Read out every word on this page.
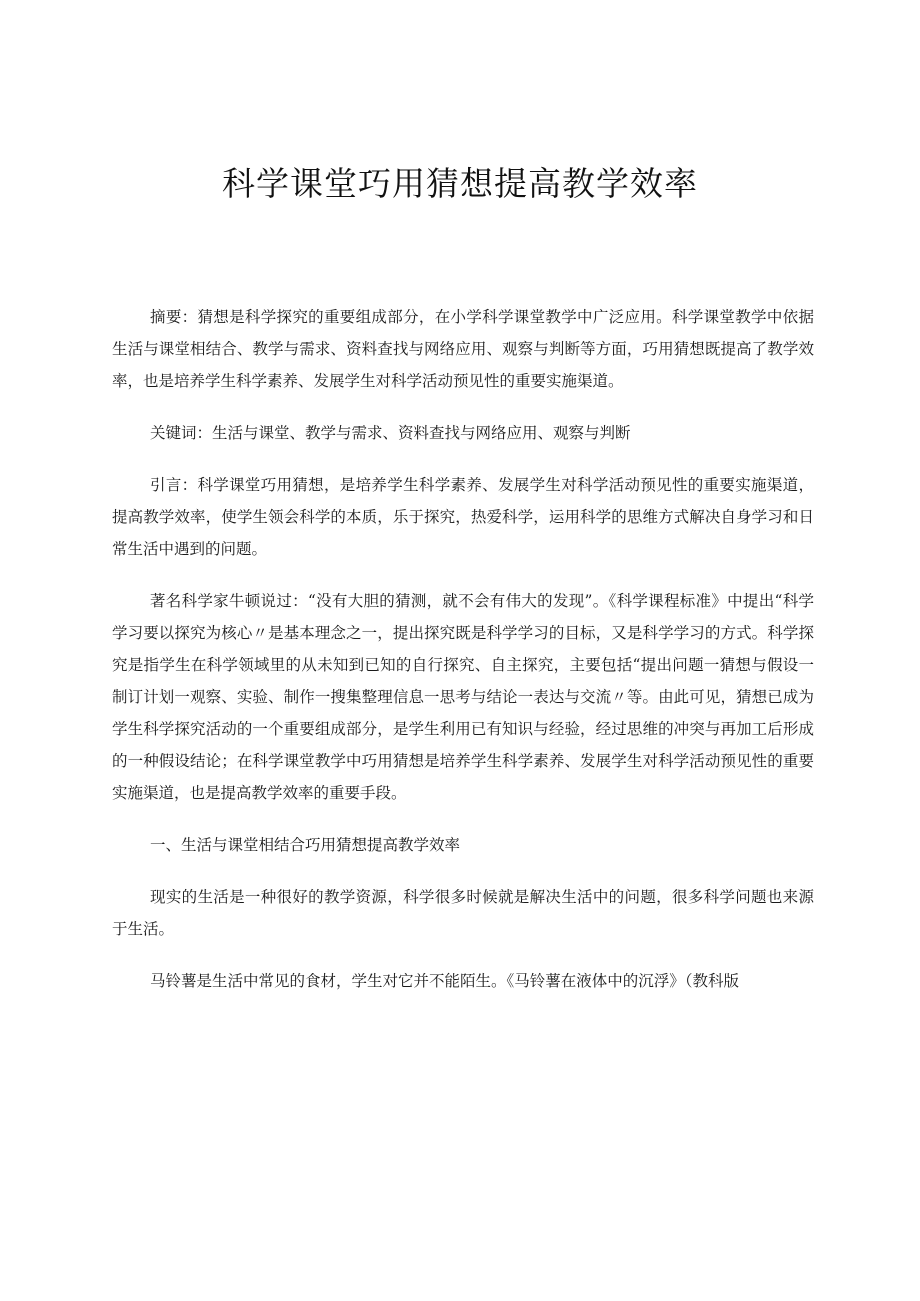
科学课堂巧用猜想提高教学效率

摘要：猜想是科学探究的重要组成部分，在小学科学课堂教学中广泛应用。科学课堂教学中依据生活与课堂相结合、教学与需求、资料查找与网络应用、观察与判断等方面，巧用猜想既提高了教学效率，也是培养学生科学素养、发展学生对科学活动预见性的重要实施渠道。

关键词：生活与课堂、教学与需求、资料查找与网络应用、观察与判断

引言：科学课堂巧用猜想，是培养学生科学素养、发展学生对科学活动预见性的重要实施渠道，提高教学效率，使学生领会科学的本质，乐于探究，热爱科学，运用科学的思维方式解决自身学习和日常生活中遇到的问题。

著名科学家牛顿说过：“没有大胆的猜测，就不会有伟大的发现”。《科学课程标准》中提出“科学学习要以探究为核心〃是基本理念之一，提出探究既是科学学习的目标，又是科学学习的方式。科学探究是指学生在科学领域里的从未知到已知的自行探究、自主探究，主要包括“提出问题一猜想与假设一制订计划一观察、实验、制作一搜集整理信息一思考与结论一表达与交流〃等。由此可见，猜想已成为学生科学探究活动的一个重要组成部分，是学生利用已有知识与经验，经过思维的冲突与再加工后形成的一种假设结论；在科学课堂教学中巧用猜想是培养学生科学素养、发展学生对科学活动预见性的重要实施渠道，也是提高教学效率的重要手段。

一、生活与课堂相结合巧用猜想提高教学效率

现实的生活是一种很好的教学资源，科学很多时候就是解决生活中的问题，很多科学问题也来源于生活。

马铃薯是生活中常见的食材，学生对它并不能陌生。《马铃薯在液体中的沉浮》（教科版
